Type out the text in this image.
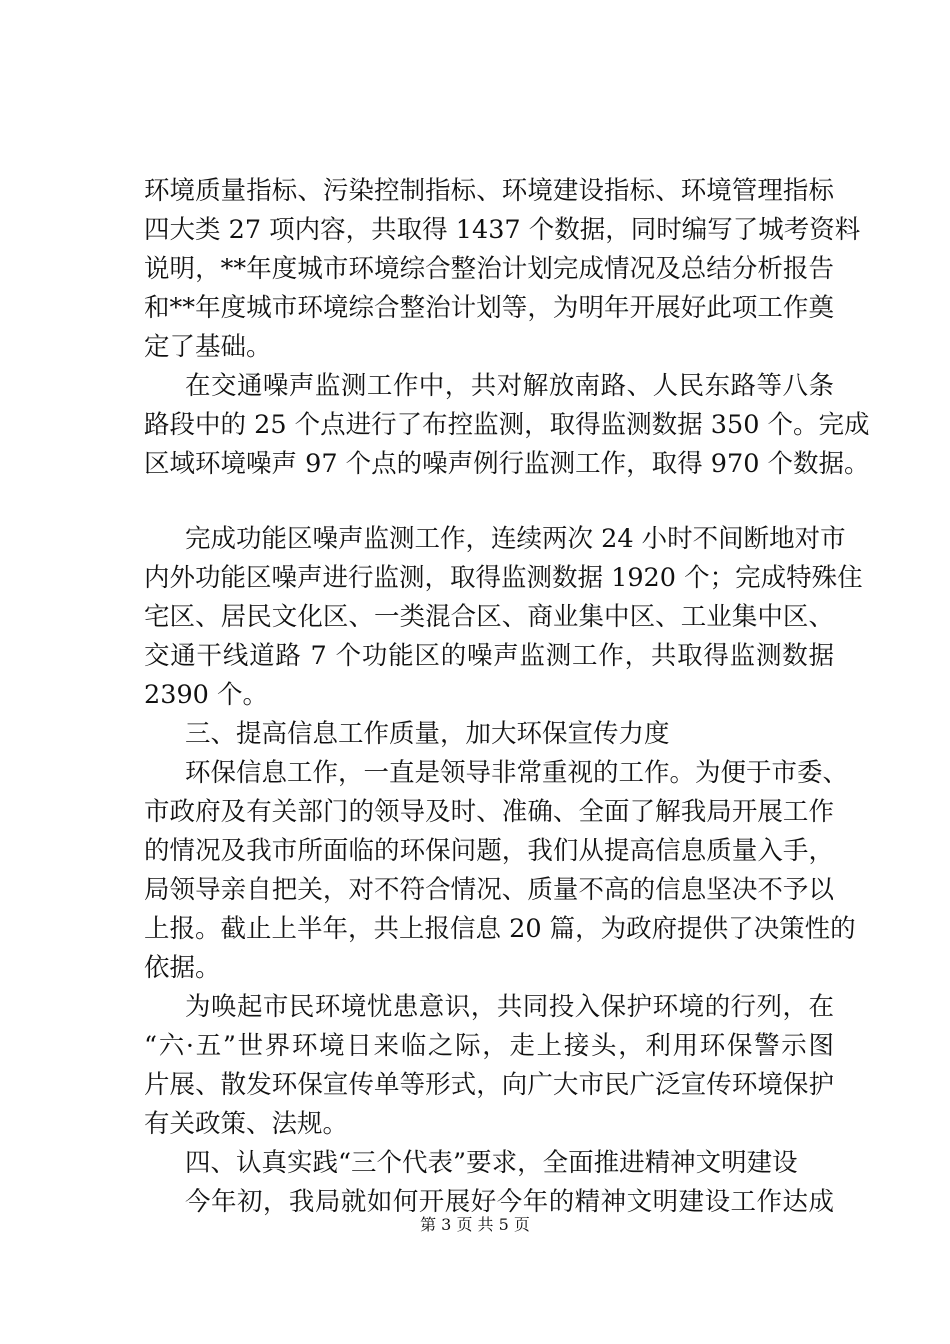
环境质量指标、污染控制指标、环境建设指标、环境管理指标
四大类 27 项内容，共取得 1437 个数据，同时编写了城考资料
说明，**年度城市环境综合整治计划完成情况及总结分析报告
和**年度城市环境综合整治计划等，为明年开展好此项工作奠
定了基础。
在交通噪声监测工作中，共对解放南路、人民东路等八条
路段中的 25 个点进行了布控监测，取得监测数据 350 个。完成
区域环境噪声 97 个点的噪声例行监测工作，取得 970 个数据。
完成功能区噪声监测工作，连续两次 24 小时不间断地对市
内外功能区噪声进行监测，取得监测数据 1920 个；完成特殊住
宅区、居民文化区、一类混合区、商业集中区、工业集中区、
交通干线道路 7 个功能区的噪声监测工作，共取得监测数据
2390 个。
三、提高信息工作质量，加大环保宣传力度
环保信息工作，一直是领导非常重视的工作。为便于市委、
市政府及有关部门的领导及时、准确、全面了解我局开展工作
的情况及我市所面临的环保问题，我们从提高信息质量入手，
局领导亲自把关，对不符合情况、质量不高的信息坚决不予以
上报。截止上半年，共上报信息 20 篇，为政府提供了决策性的
依据。
为唤起市民环境忧患意识，共同投入保护环境的行列，在
“六·五”世界环境日来临之际，走上接头，利用环保警示图
片展、散发环保宣传单等形式，向广大市民广泛宣传环境保护
有关政策、法规。
四、认真实践“三个代表”要求，全面推进精神文明建设
今年初，我局就如何开展好今年的精神文明建设工作达成
第 3 页 共 5 页
